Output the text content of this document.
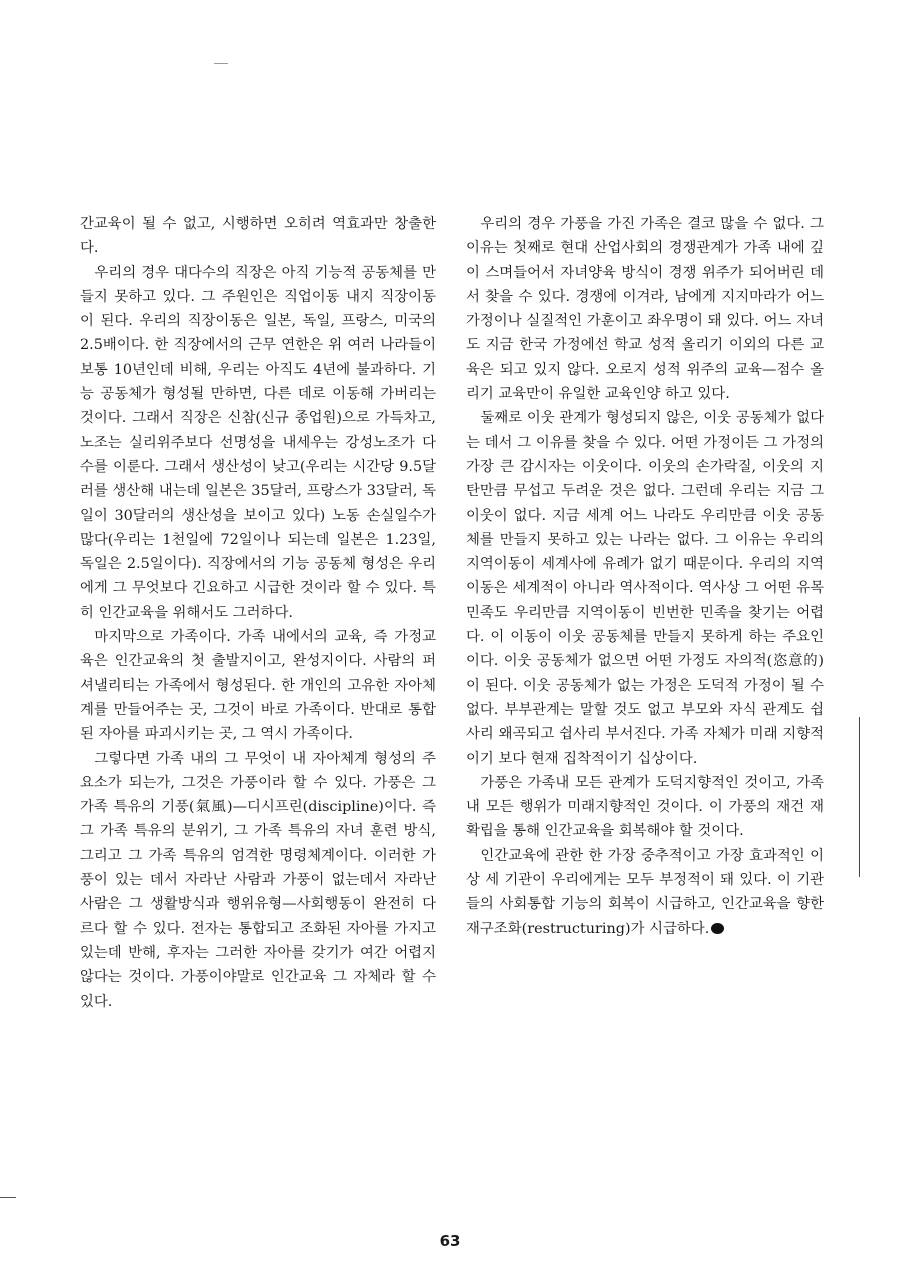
간교육이 될 수 없고, 시행하면 오히려 역효과만 창출한다.

우리의 경우 대다수의 직장은 아직 기능적 공동체를 만들지 못하고 있다. 그 주원인은 직업이동 내지 직장이동이 된다. 우리의 직장이동은 일본, 독일, 프랑스, 미국의 2.5배이다. 한 직장에서의 근무 연한은 위 여러 나라들이 보통 10년인데 비해, 우리는 아직도 4년에 불과하다. 기능 공동체가 형성될 만하면, 다른 데로 이동해 가버리는 것이다. 그래서 직장은 신참(신규 종업원)으로 가득차고, 노조는 실리위주보다 선명성을 내세우는 강성노조가 다수를 이룬다. 그래서 생산성이 낮고(우리는 시간당 9.5달러를 생산해 내는데 일본은 35달러, 프랑스가 33달러, 독일이 30달러의 생산성을 보이고 있다) 노동 손실일수가 많다(우리는 1천일에 72일이나 되는데 일본은 1.23일, 독일은 2.5일이다). 직장에서의 기능 공동체 형성은 우리에게 그 무엇보다 긴요하고 시급한 것이라 할 수 있다. 특히 인간교육을 위해서도 그러하다.

마지막으로 가족이다. 가족 내에서의 교육, 즉 가정교육은 인간교육의 첫 출발지이고, 완성지이다. 사람의 퍼셔낼리티는 가족에서 형성된다. 한 개인의 고유한 자아체계를 만들어주는 곳, 그것이 바로 가족이다. 반대로 통합된 자아를 파괴시키는 곳, 그 역시 가족이다.

그렇다면 가족 내의 그 무엇이 내 자아체계 형성의 주 요소가 되는가, 그것은 가풍이라 할 수 있다. 가풍은 그 가족 특유의 기풍(氣風)—디시프린(discipline)이다. 즉 그 가족 특유의 분위기, 그 가족 특유의 자녀 훈련 방식, 그리고 그 가족 특유의 엄격한 명령체계이다. 이러한 가풍이 있는 데서 자라난 사람과 가풍이 없는데서 자라난 사람은 그 생활방식과 행위유형—사회행동이 완전히 다르다 할 수 있다. 전자는 통합되고 조화된 자아를 가지고 있는데 반해, 후자는 그러한 자아를 갖기가 여간 어렵지 않다는 것이다. 가풍이야말로 인간교육 그 자체라 할 수 있다.

우리의 경우 가풍을 가진 가족은 결코 많을 수 없다. 그 이유는 첫째로 현대 산업사회의 경쟁관계가 가족 내에 깊이 스며들어서 자녀양육 방식이 경쟁 위주가 되어버린 데서 찾을 수 있다. 경쟁에 이겨라, 남에게 지지마라가 어느 가정이나 실질적인 가훈이고 좌우명이 돼 있다. 어느 자녀도 지금 한국 가정에선 학교 성적 올리기 이외의 다른 교육은 되고 있지 않다. 오로지 성적 위주의 교육—점수 올리기 교육만이 유일한 교육인양 하고 있다.

둘째로 이웃 관계가 형성되지 않은, 이웃 공동체가 없다는 데서 그 이유를 찾을 수 있다. 어떤 가정이든 그 가정의 가장 큰 감시자는 이웃이다. 이웃의 손가락질, 이웃의 지탄만큼 무섭고 두려운 것은 없다. 그런데 우리는 지금 그 이웃이 없다. 지금 세계 어느 나라도 우리만큼 이웃 공동체를 만들지 못하고 있는 나라는 없다. 그 이유는 우리의 지역이동이 세계사에 유례가 없기 때문이다. 우리의 지역이동은 세계적이 아니라 역사적이다. 역사상 그 어떤 유목민족도 우리만큼 지역이동이 빈번한 민족을 찾기는 어렵다. 이 이동이 이웃 공동체를 만들지 못하게 하는 주요인이다. 이웃 공동체가 없으면 어떤 가정도 자의적(恣意的)이 된다. 이웃 공동체가 없는 가정은 도덕적 가정이 될 수 없다. 부부관계는 말할 것도 없고 부모와 자식 관계도 쉽사리 왜곡되고 쉽사리 부서진다. 가족 자체가 미래 지향적이기 보다 현재 집착적이기 십상이다.

가풍은 가족내 모든 관계가 도덕지향적인 것이고, 가족내 모든 행위가 미래지향적인 것이다. 이 가풍의 재건 재확립을 통해 인간교육을 회복해야 할 것이다.

인간교육에 관한 한 가장 중추적이고 가장 효과적인 이상 세 기관이 우리에게는 모두 부정적이 돼 있다. 이 기관들의 사회통합 기능의 회복이 시급하고, 인간교육을 향한 재구조화(restructuring)가 시급하다.

63
